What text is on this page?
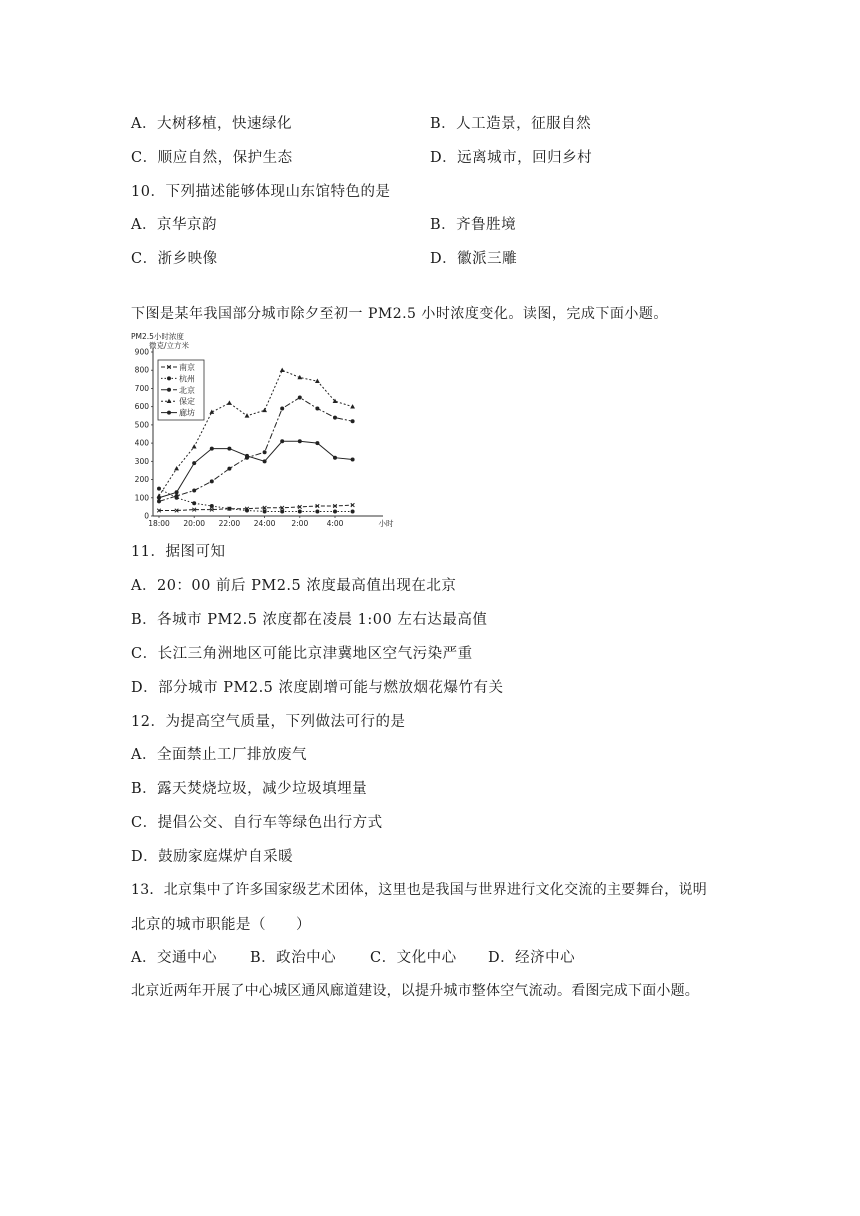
A．大树移植，快速绿化	B．人工造景，征服自然
C．顺应自然，保护生态	D．远离城市，回归乡村
10．下列描述能够体现山东馆特色的是
A．京华京韵	B．齐鲁胜境
C．浙乡映像	D．徽派三雕
下图是某年我国部分城市除夕至初一 PM2.5 小时浓度变化。读图，完成下面小题。
PM2.5小时浓度
微克/立方米
0
100
200
300
400
500
600
700
800
900
18:00 20:00 22:00 24:00 2:00 4:00	小时
南京
杭州
北京
保定
廊坊
11．据图可知
A．20：00 前后 PM2.5 浓度最高值出现在北京
B．各城市 PM2.5 浓度都在凌晨 1:00 左右达最高值
C．长江三角洲地区可能比京津冀地区空气污染严重
D．部分城市 PM2.5 浓度剧增可能与燃放烟花爆竹有关
12．为提高空气质量，下列做法可行的是
A．全面禁止工厂排放废气
B．露天焚烧垃圾，减少垃圾填埋量
C．提倡公交、自行车等绿色出行方式
D．鼓励家庭煤炉自采暖
13．北京集中了许多国家级艺术团体，这里也是我国与世界进行文化交流的主要舞台，说明
北京的城市职能是（　　）
A．交通中心 B．政治中心 C．文化中心 D．经济中心
北京近两年开展了中心城区通风廊道建设，以提升城市整体空气流动。看图完成下面小题。
